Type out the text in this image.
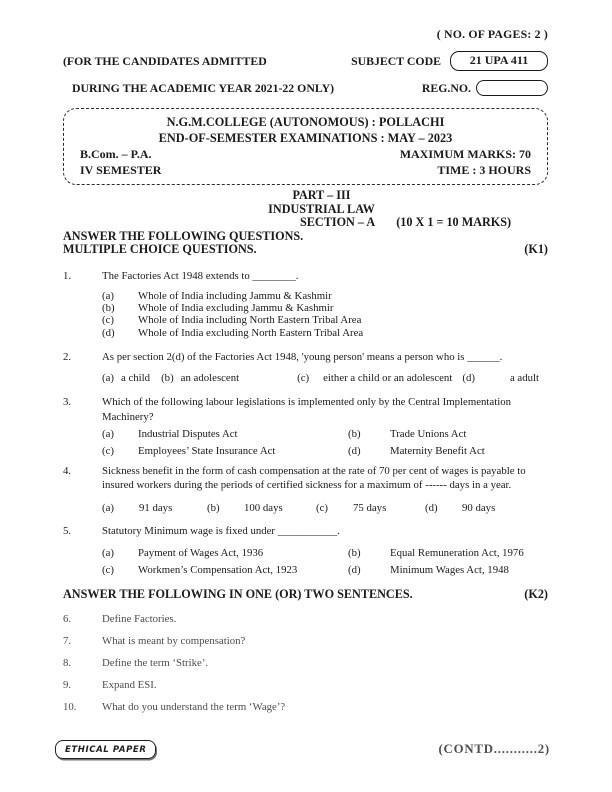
( NO. OF PAGES: 2 )
(FOR THE CANDIDATES ADMITTED	SUBJECT CODE	21 UPA 411
DURING THE ACADEMIC YEAR 2021-22 ONLY)	REG.NO.
N.G.M.COLLEGE (AUTONOMOUS) : POLLACHI
END-OF-SEMESTER EXAMINATIONS : MAY – 2023
B.Com. – P.A.	MAXIMUM MARKS: 70
IV SEMESTER	TIME : 3 HOURS
PART – III
INDUSTRIAL LAW
SECTION – A (10 X 1 = 10 MARKS)
ANSWER THE FOLLOWING QUESTIONS.
MULTIPLE CHOICE QUESTIONS.	(K1)
1.	The Factories Act 1948 extends to ________.
(a)	Whole of India including Jammu & Kashmir
(b)	Whole of India excluding Jammu & Kashmir
(c)	Whole of India including North Eastern Tribal Area
(d)	Whole of India excluding North Eastern Tribal Area
2.	As per section 2(d) of the Factories Act 1948, 'young person' means a person who is ______.
(a) a child (b) an adolescent	(c) either a child or an adolescent (d)	a adult
3.	Which of the following labour legislations is implemented only by the Central Implementation Machinery?
(a)	Industrial Disputes Act	(b)	Trade Unions Act
(c)	Employees’ State Insurance Act	(d)	Maternity Benefit Act
4.	Sickness benefit in the form of cash compensation at the rate of 70 per cent of wages is payable to insured workers during the periods of certified sickness for a maximum of ------ days in a year.
(a)	91 days	(b)	100 days	(c)	75 days	(d)	90 days
5.	Statutory Minimum wage is fixed under ___________.
(a)	Payment of Wages Act, 1936	(b)	Equal Remuneration Act, 1976
(c)	Workmen’s Compensation Act, 1923	(d)	Minimum Wages Act, 1948
ANSWER THE FOLLOWING IN ONE (OR) TWO SENTENCES.	(K2)
6.	Define Factories.
7.	What is meant by compensation?
8.	Define the term ‘Strike’.
9.	Expand ESI.
10.	What do you understand the term ‘Wage’?
ETHICAL PAPER	(CONTD...........2)
